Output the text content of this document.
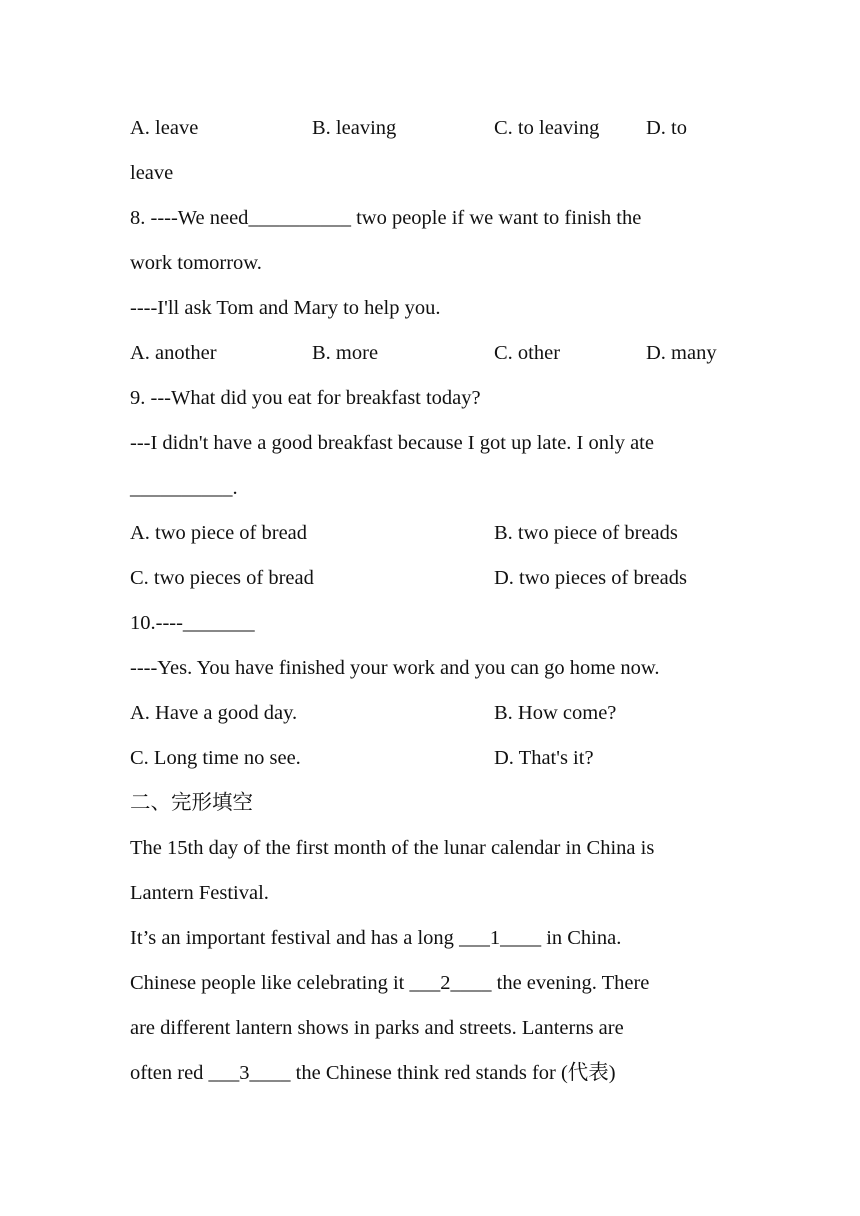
A. leave	B. leaving	C. to leaving D. to

leave

8. ----We need__________ two people if we want to finish the

work tomorrow.

----I'll ask Tom and Mary to help you.

A. another	B. more	C. other	D. many

9. ---What did you eat for breakfast today?

---I didn't have a good breakfast because I got up late. I only ate

__________.

A. two piece of bread	B. two piece of breads
C. two pieces of bread	D. two pieces of breads

10.----_______

----Yes. You have finished your work and you can go home now.

A. Have a good day.	B. How come?
C. Long time no see.	D. That's it?

二、完形填空

The 15th day of the first month of the lunar calendar in China is

Lantern Festival.

It’s an important festival and has a long ___1____ in China.

Chinese people like celebrating it ___2____ the evening. There

are different lantern shows in parks and streets. Lanterns are

often red ___3____ the Chinese think red stands for (代表)
